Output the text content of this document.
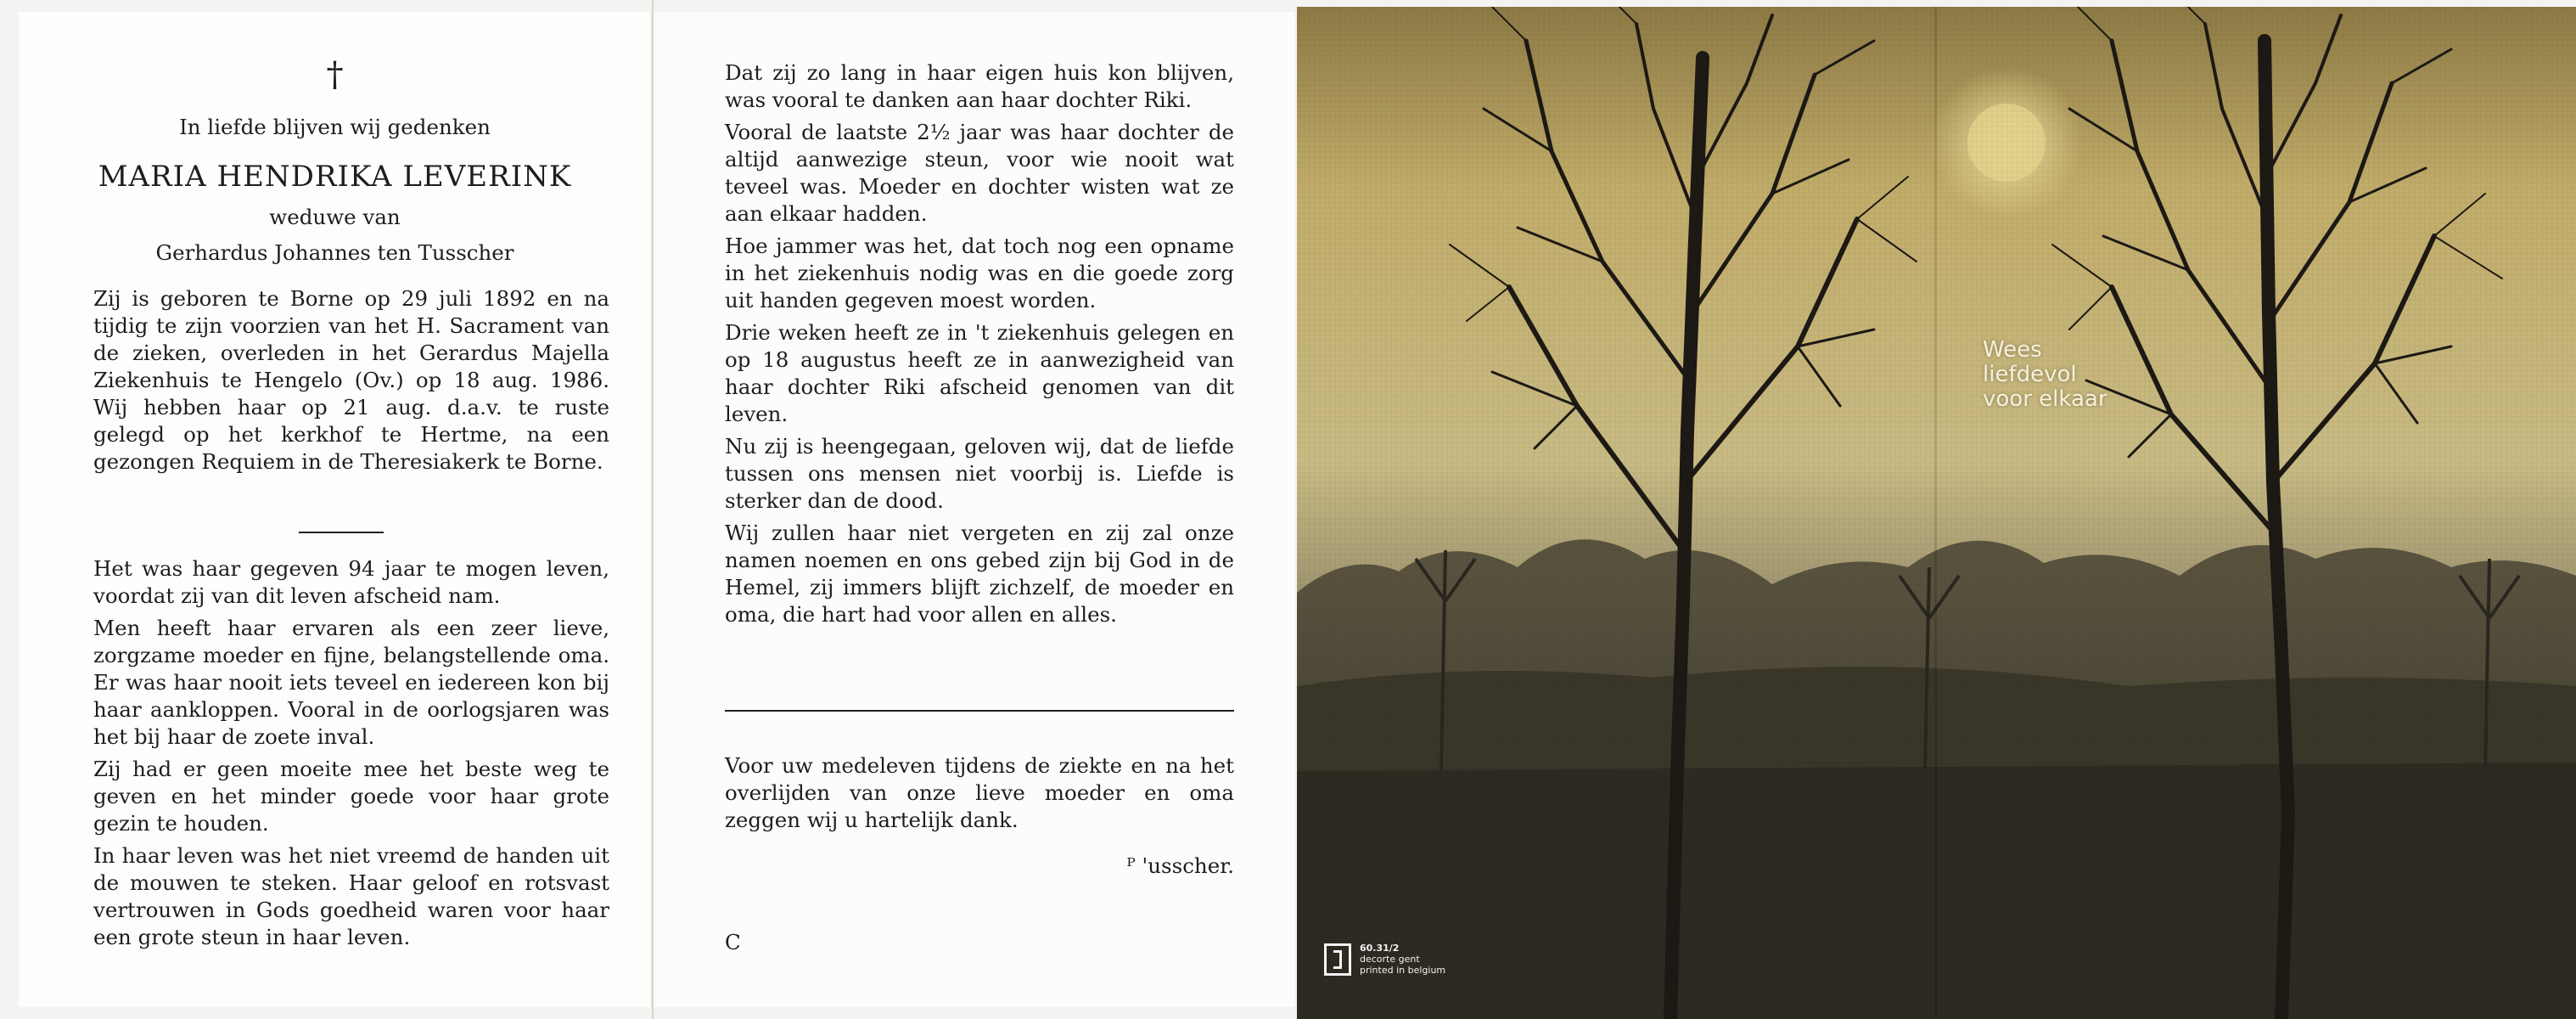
†
In liefde blijven wij gedenken
MARIA HENDRIKA LEVERINK
weduwe van
Gerhardus Johannes ten Tusscher
Zij is geboren te Borne op 29 juli 1892 en na tijdig te zijn voorzien van het H. Sacrament van de zieken, overleden in het Gerardus Majella Ziekenhuis te Hengelo (Ov.) op 18 aug. 1986. Wij hebben haar op 21 aug. d.a.v. te ruste gelegd op het kerkhof te Hertme, na een gezongen Requiem in de Theresiakerk te Borne.

Het was haar gegeven 94 jaar te mogen leven, voordat zij van dit leven afscheid nam.

Men heeft haar ervaren als een zeer lieve, zorgzame moeder en fijne, belangstellende oma. Er was haar nooit iets teveel en iedereen kon bij haar aankloppen. Vooral in de oorlogsjaren was het bij haar de zoete inval.

Zij had er geen moeite mee het beste weg te geven en het minder goede voor haar grote gezin te houden.

In haar leven was het niet vreemd de handen uit de mouwen te steken. Haar geloof en rotsvast vertrouwen in Gods goedheid waren voor haar een grote steun in haar leven.

Dat zij zo lang in haar eigen huis kon blijven, was vooral te danken aan haar dochter Riki.

Vooral de laatste 2½ jaar was haar dochter de altijd aanwezige steun, voor wie nooit wat teveel was. Moeder en dochter wisten wat ze aan elkaar hadden.

Hoe jammer was het, dat toch nog een opname in het ziekenhuis nodig was en die goede zorg uit handen gegeven moest worden.

Drie weken heeft ze in 't ziekenhuis gelegen en op 18 augustus heeft ze in aanwezigheid van haar dochter Riki afscheid genomen van dit leven.

Nu zij is heengegaan, geloven wij, dat de liefde tussen ons mensen niet voorbij is. Liefde is sterker dan de dood.

Wij zullen haar niet vergeten en zij zal onze namen noemen en ons gebed zijn bij God in de Hemel, zij immers blijft zichzelf, de moeder en oma, die hart had voor allen en alles.

Voor uw medeleven tijdens de ziekte en na het overlijden van onze lieve moeder en oma zeggen wij u hartelijk dank.
ᴾ 'usscher.
C
Wees
liefdevol
voor elkaar
60.31/2
decorte gent
printed in belgium
